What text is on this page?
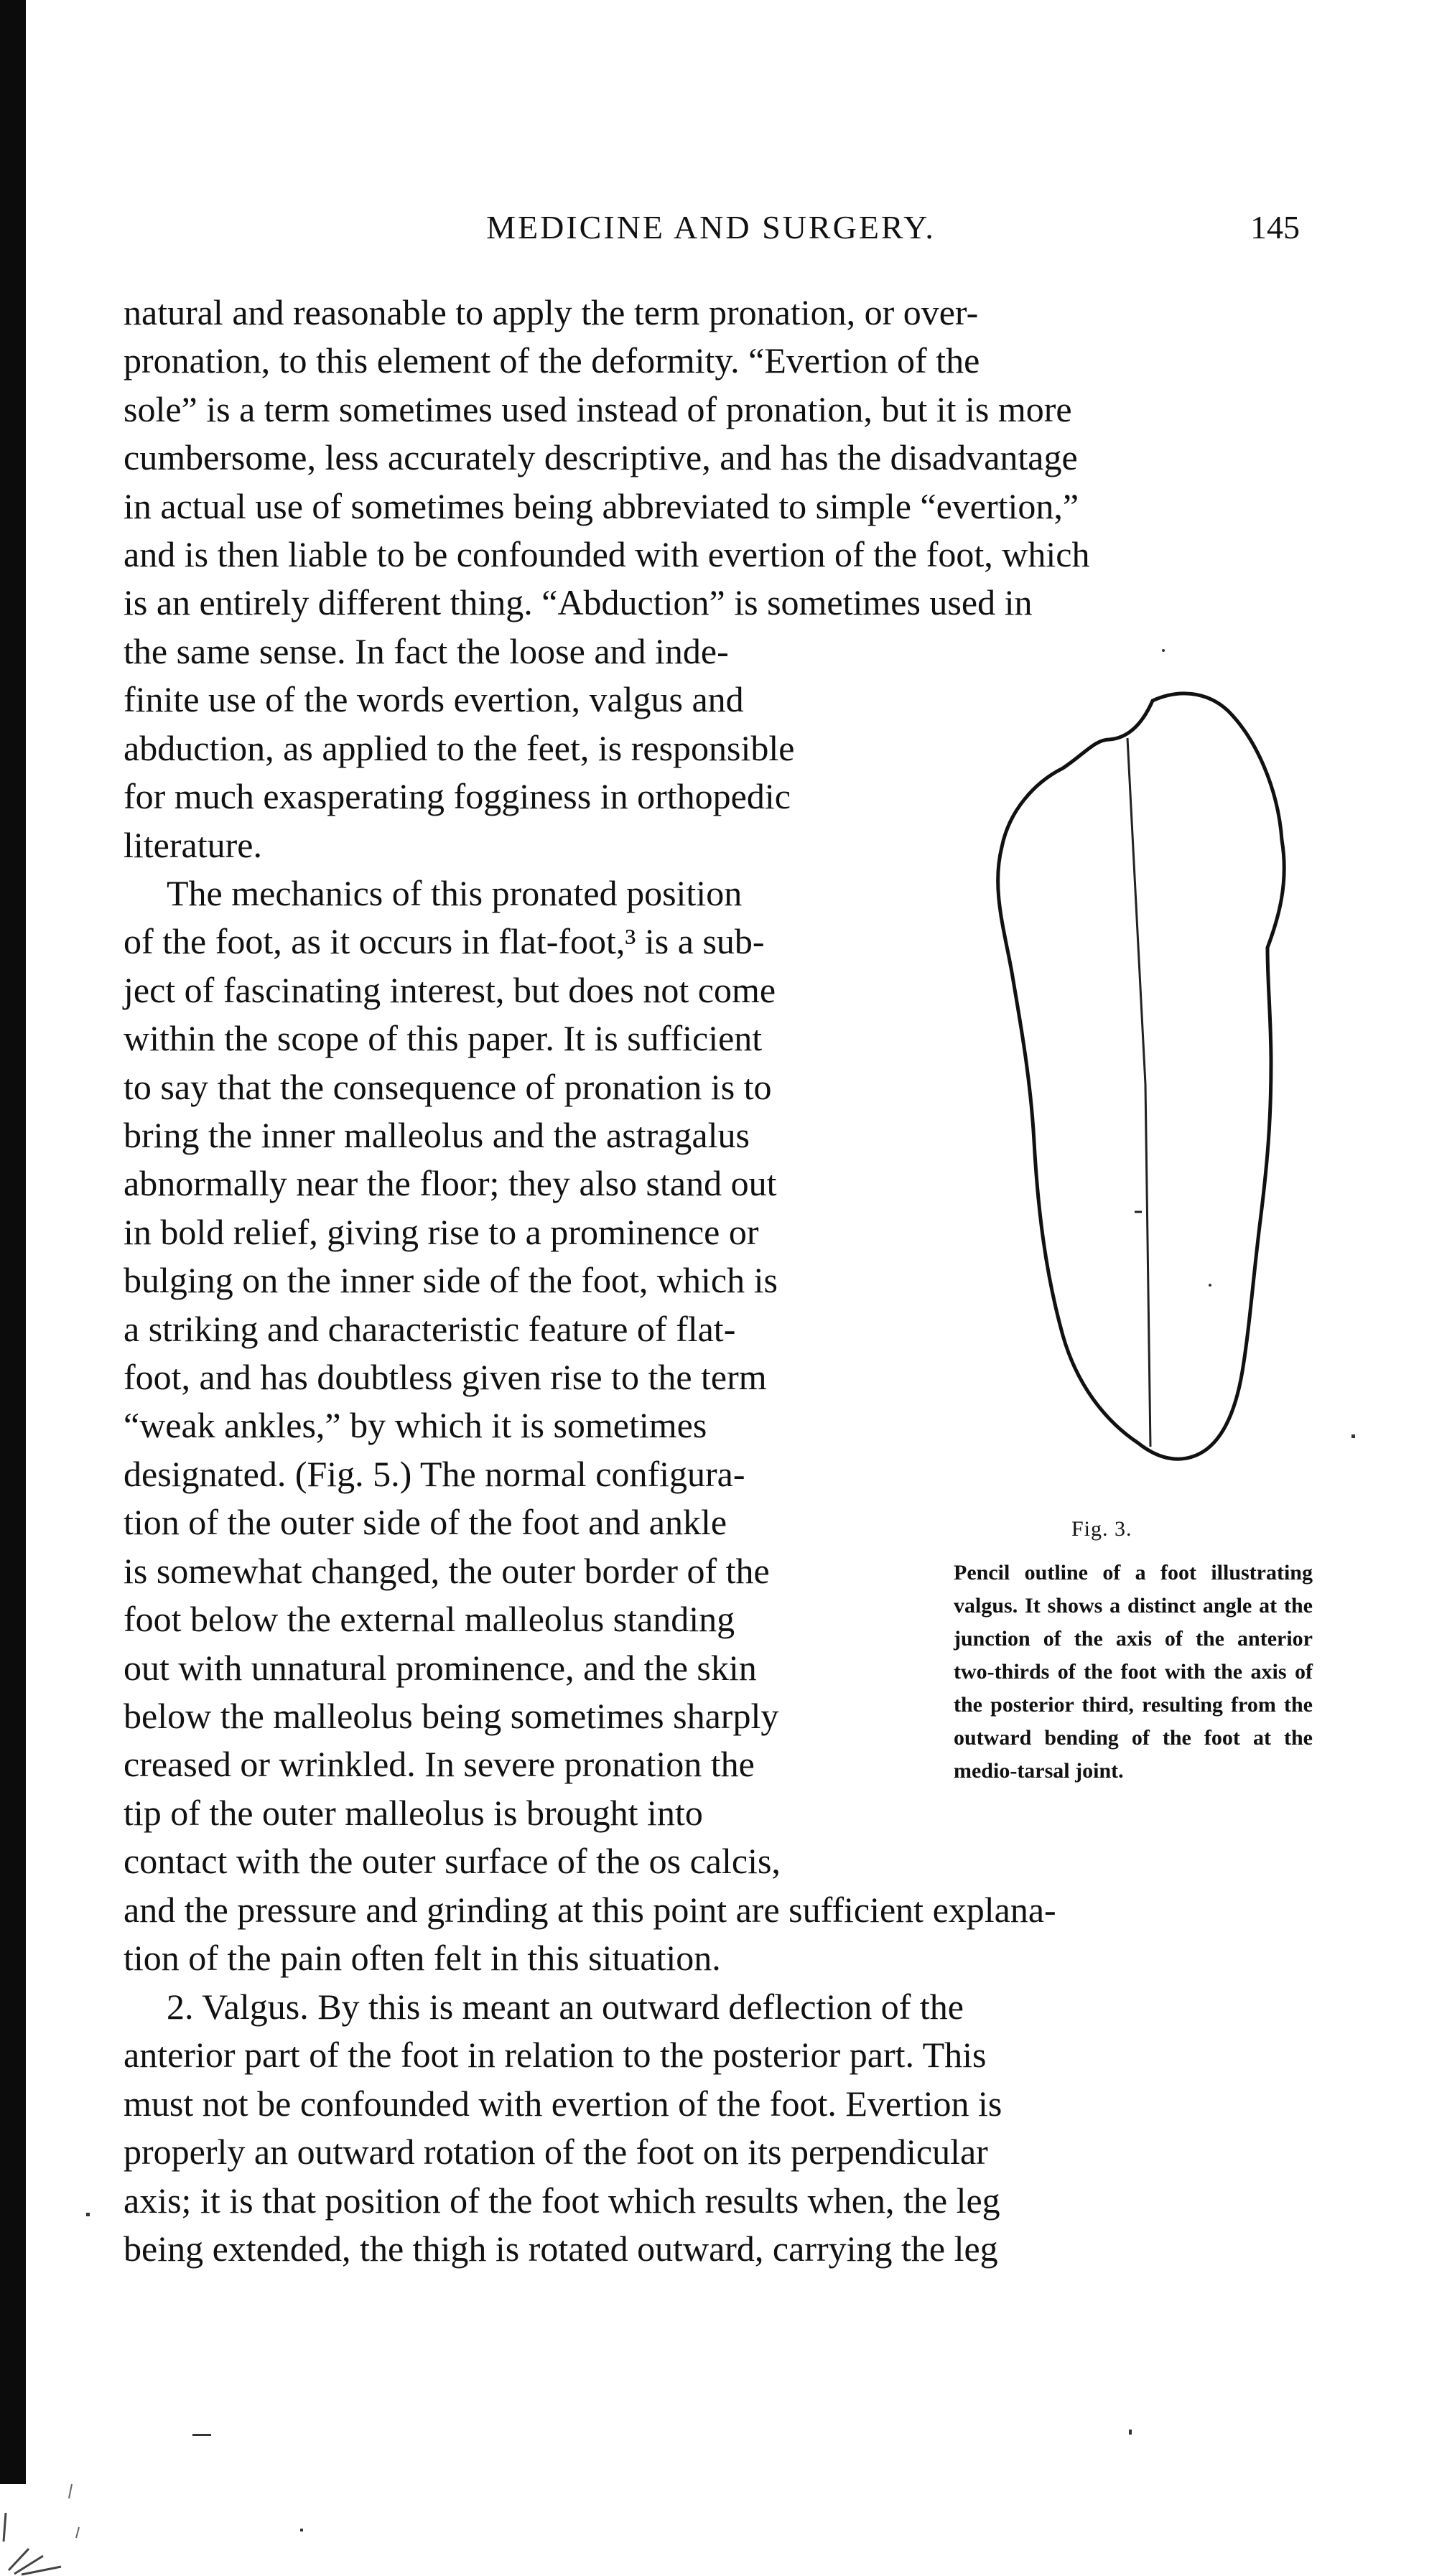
MEDICINE AND SURGERY.	145
natural and reasonable to apply the term pronation, or over-
pronation, to this element of the deformity. “Evertion of the
sole” is a term sometimes used instead of pronation, but it is more
cumbersome, less accurately descriptive, and has the disadvantage
in actual use of sometimes being abbreviated to simple “evertion,”
and is then liable to be confounded with evertion of the foot, which
is an entirely different thing. “Abduction” is sometimes used in
the same sense. In fact the loose and inde-
finite use of the words evertion, valgus and
abduction, as applied to the feet, is responsible
for much exasperating fogginess in orthopedic
literature.
The mechanics of this pronated position
of the foot, as it occurs in flat-foot,³ is a sub-
ject of fascinating interest, but does not come
within the scope of this paper. It is sufficient
to say that the consequence of pronation is to
bring the inner malleolus and the astragalus
abnormally near the floor; they also stand out
in bold relief, giving rise to a prominence or
bulging on the inner side of the foot, which is
a striking and characteristic feature of flat-
foot, and has doubtless given rise to the term
“weak ankles,” by which it is sometimes
designated. (Fig. 5.) The normal configura-
tion of the outer side of the foot and ankle
is somewhat changed, the outer border of the
foot below the external malleolus standing
out with unnatural prominence, and the skin
below the malleolus being sometimes sharply
creased or wrinkled. In severe pronation the
tip of the outer malleolus is brought into
contact with the outer surface of the os calcis,
and the pressure and grinding at this point are sufficient explana-
tion of the pain often felt in this situation.
2. Valgus. By this is meant an outward deflection of the
anterior part of the foot in relation to the posterior part. This
must not be confounded with evertion of the foot. Evertion is
properly an outward rotation of the foot on its perpendicular
axis; it is that position of the foot which results when, the leg
being extended, the thigh is rotated outward, carrying the leg
Fig. 3.
Pencil outline of a foot illustrating valgus. It shows a distinct angle at the junction of the axis of the anterior two-thirds of the foot with the axis of the posterior third, resulting from the outward bending of the foot at the medio-tarsal joint.
